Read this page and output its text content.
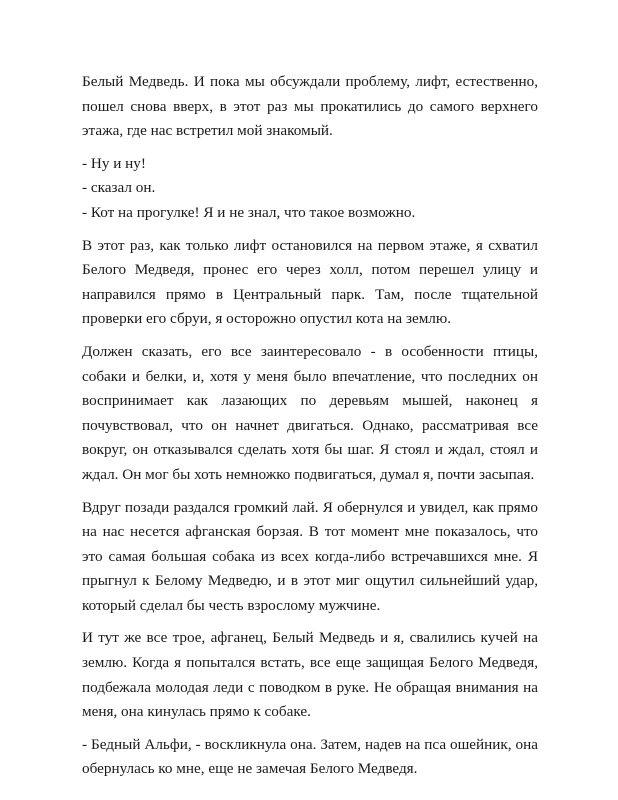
Белый Медведь. И пока мы обсуждали проблему, лифт, естественно, пошел снова вверх, в этот раз мы прокатились до самого верхнего этажа, где нас встретил мой знакомый.

- Ну и ну!

- сказал он.

- Кот на прогулке! Я и не знал, что такое возможно.

В этот раз, как только лифт остановился на первом этаже, я схватил Белого Медведя, пронес его через холл, потом перешел улицу и направился прямо в Центральный парк. Там, после тщательной проверки его сбруи, я осторожно опустил кота на землю.

Должен сказать, его все заинтересовало - в особенности птицы, собаки и белки, и, хотя у меня было впечатление, что последних он воспринимает как лазающих по деревьям мышей, наконец я почувствовал, что он начнет двигаться. Однако, рассматривая все вокруг, он отказывался сделать хотя бы шаг. Я стоял и ждал, стоял и ждал. Он мог бы хоть немножко подвигаться, думал я, почти засыпая.

Вдруг позади раздался громкий лай. Я обернулся и увидел, как прямо на нас несется афганская борзая. В тот момент мне показалось, что это самая большая собака из всех когда-либо встречавшихся мне. Я прыгнул к Белому Медведю, и в этот миг ощутил сильнейший удар, который сделал бы честь взрослому мужчине.

И тут же все трое, афганец, Белый Медведь и я, свалились кучей на землю. Когда я попытался встать, все еще защищая Белого Медведя, подбежала молодая леди с поводком в руке. Не обращая внимания на меня, она кинулась прямо к собаке.

- Бедный Альфи, - воскликнула она. Затем, надев на пса ошейник, она обернулась ко мне, еще не замечая Белого Медведя.
